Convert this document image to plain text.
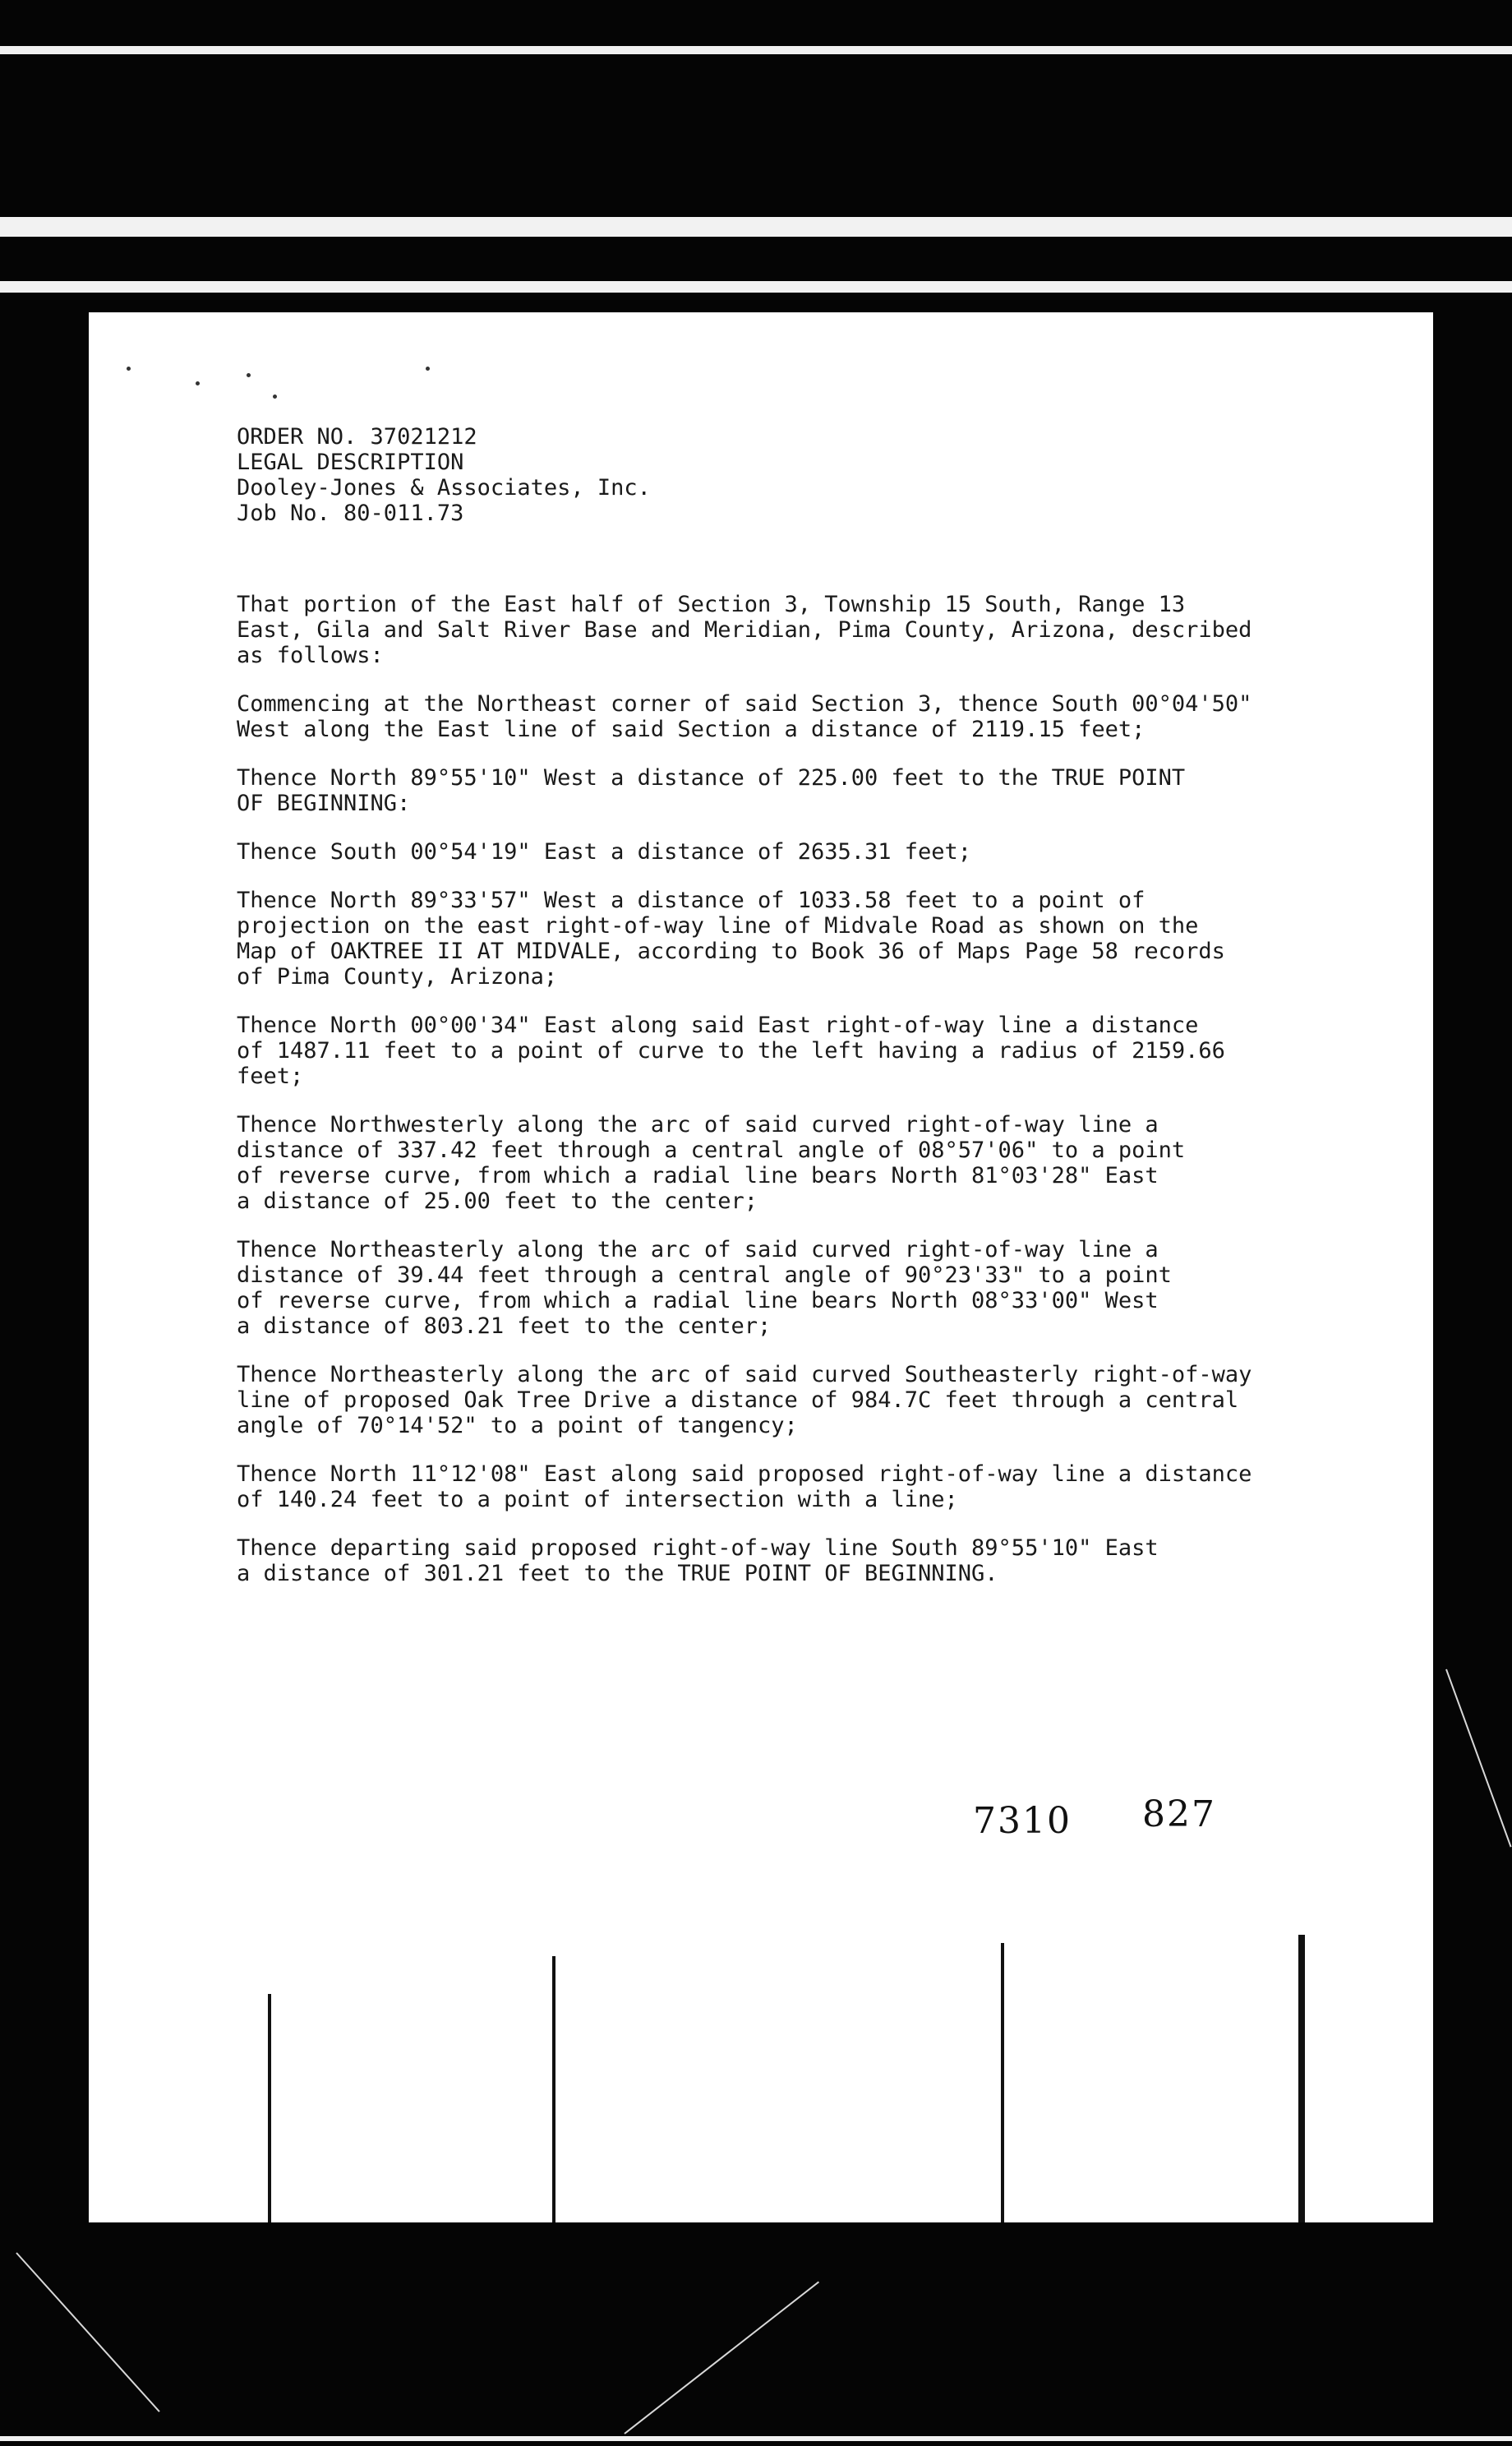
ORDER NO. 37021212
LEGAL DESCRIPTION
Dooley-Jones & Associates, Inc.
Job No. 80-011.73
That portion of the East half of Section 3, Township 15 South, Range 13
East, Gila and Salt River Base and Meridian, Pima County, Arizona, described
as follows:
Commencing at the Northeast corner of said Section 3, thence South 00°04'50"
West along the East line of said Section a distance of 2119.15 feet;
Thence North 89°55'10" West a distance of 225.00 feet to the TRUE POINT
OF BEGINNING:
Thence South 00°54'19" East a distance of 2635.31 feet;
Thence North 89°33'57" West a distance of 1033.58 feet to a point of
projection on the east right-of-way line of Midvale Road as shown on the
Map of OAKTREE II AT MIDVALE, according to Book 36 of Maps Page 58 records
of Pima County, Arizona;
Thence North 00°00'34" East along said East right-of-way line a distance
of 1487.11 feet to a point of curve to the left having a radius of 2159.66
feet;
Thence Northwesterly along the arc of said curved right-of-way line a
distance of 337.42 feet through a central angle of 08°57'06" to a point
of reverse curve, from which a radial line bears North 81°03'28" East
a distance of 25.00 feet to the center;
Thence Northeasterly along the arc of said curved right-of-way line a
distance of 39.44 feet through a central angle of 90°23'33" to a point
of reverse curve, from which a radial line bears North 08°33'00" West
a distance of 803.21 feet to the center;
Thence Northeasterly along the arc of said curved Southeasterly right-of-way
line of proposed Oak Tree Drive a distance of 984.7C feet through a central
angle of 70°14'52" to a point of tangency;
Thence North 11°12'08" East along said proposed right-of-way line a distance
of 140.24 feet to a point of intersection with a line;
Thence departing said proposed right-of-way line South 89°55'10" East
a distance of 301.21 feet to the TRUE POINT OF BEGINNING.
7310 827
